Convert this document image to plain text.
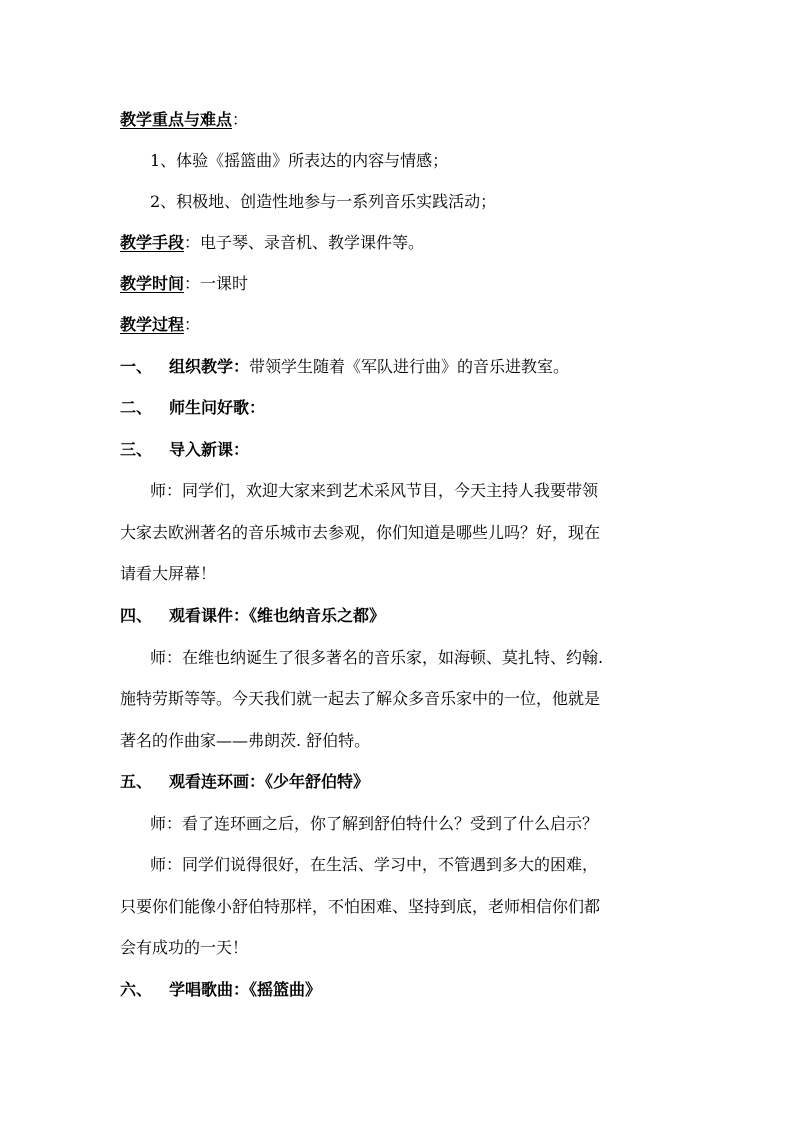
教学重点与难点：
1、体验《摇篮曲》所表达的内容与情感；
2、积极地、创造性地参与一系列音乐实践活动；
教学手段：电子琴、录音机、教学课件等。
教学时间：一课时
教学过程：
一、 组织教学：带领学生随着《军队进行曲》的音乐进教室。
二、 师生问好歌：
三、 导入新课：
师：同学们，欢迎大家来到艺术采风节目，今天主持人我要带领
大家去欧洲著名的音乐城市去参观，你们知道是哪些儿吗？好，现在
请看大屏幕！
四、 观看课件：《维也纳音乐之都》
师：在维也纳诞生了很多著名的音乐家，如海顿、莫扎特、约翰.
施特劳斯等等。今天我们就一起去了解众多音乐家中的一位，他就是
著名的作曲家——弗朗茨. 舒伯特。
五、 观看连环画：《少年舒伯特》
师：看了连环画之后，你了解到舒伯特什么？受到了什么启示？
师：同学们说得很好，在生活、学习中，不管遇到多大的困难，
只要你们能像小舒伯特那样，不怕困难、坚持到底，老师相信你们都
会有成功的一天！
六、 学唱歌曲：《摇篮曲》
